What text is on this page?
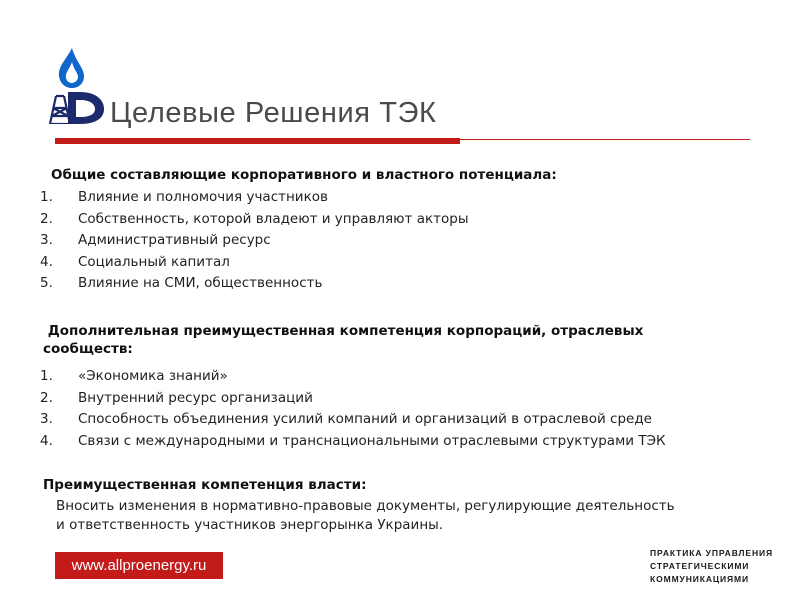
Целевые Решения ТЭК
Общие составляющие корпоративного и властного потенциала:
1. Влияние и полномочия участников
2. Собственность, которой владеют и управляют акторы
3. Административный ресурс
4. Социальный капитал
5. Влияние на СМИ, общественность
Дополнительная преимущественная компетенция корпораций, отраслевых
сообществ:
1. «Экономика знаний»
2. Внутренний ресурс организаций
3. Способность объединения усилий компаний и организаций в отраслевой среде
4. Связи с международными и транснациональными отраслевыми структурами ТЭК
Преимущественная компетенция власти:
Вносить изменения в нормативно-правовые документы, регулирующие деятельность
и ответственность участников энергорынка Украины.
www.allproenergy.ru
ПРАКТИКА УПРАВЛЕНИЯ
СТРАТЕГИЧЕСКИМИ
КОММУНИКАЦИЯМИ
